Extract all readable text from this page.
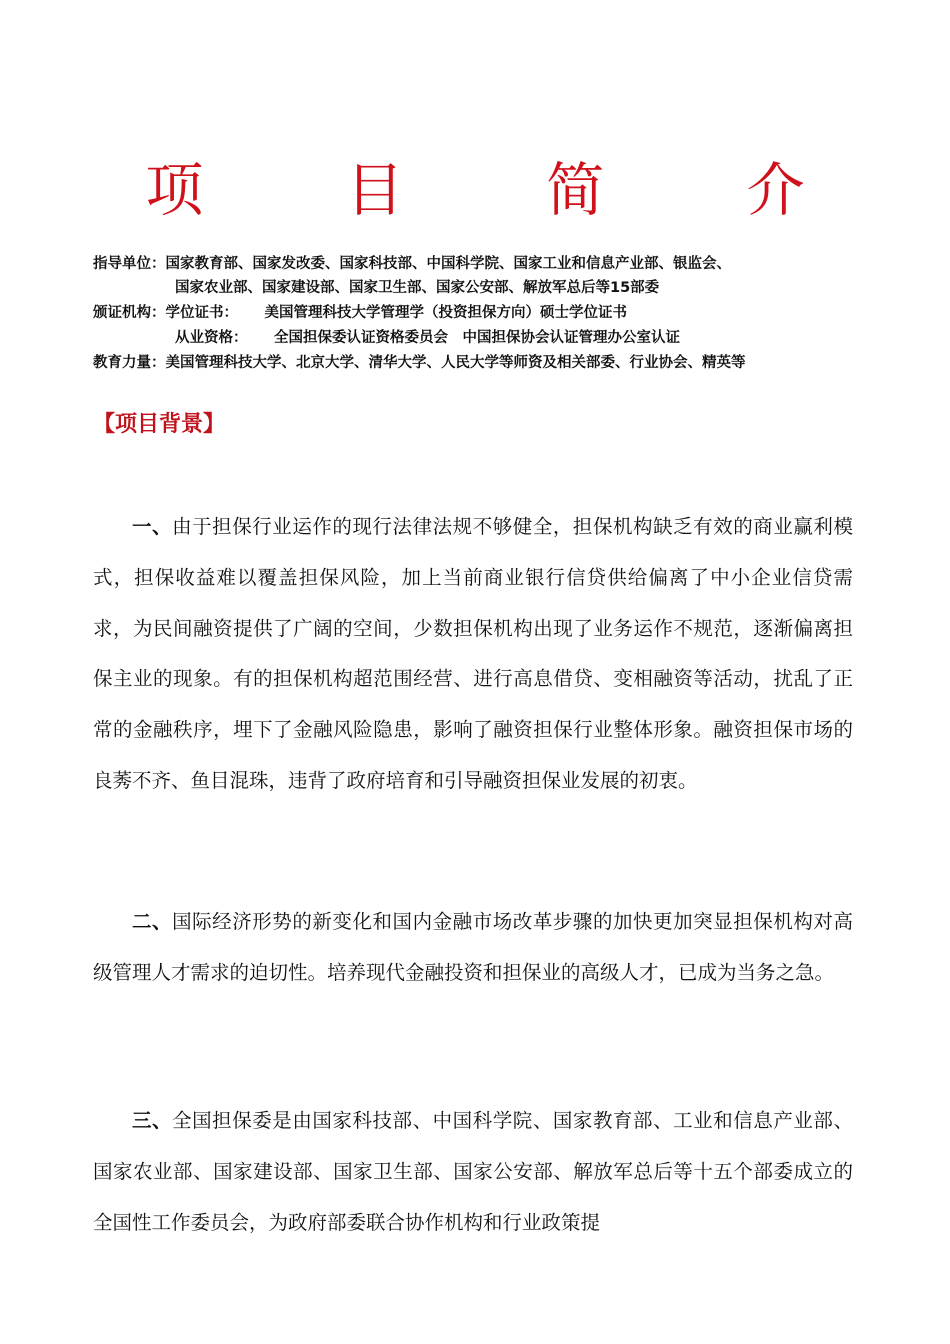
项 目 简 介
指导单位：国家教育部、国家发改委、国家科技部、中国科学院、国家工业和信息产业部、银监会、
国家农业部、国家建设部、国家卫生部、国家公安部、解放军总后等15部委
颁证机构：学位证书： 美国管理科技大学管理学（投资担保方向）硕士学位证书
从业资格： 全国担保委认证资格委员会　中国担保协会认证管理办公室认证
教育力量：美国管理科技大学、北京大学、清华大学、人民大学等师资及相关部委、行业协会、精英等
【项目背景】

一、由于担保行业运作的现行法律法规不够健全，担保机构缺乏有效的商业赢利模式，担保收益难以覆盖担保风险，加上当前商业银行信贷供给偏离了中小企业信贷需求，为民间融资提供了广阔的空间，少数担保机构出现了业务运作不规范，逐渐偏离担保主业的现象。有的担保机构超范围经营、进行高息借贷、变相融资等活动，扰乱了正常的金融秩序，埋下了金融风险隐患，影响了融资担保行业整体形象。融资担保市场的良莠不齐、鱼目混珠，违背了政府培育和引导融资担保业发展的初衷。

二、国际经济形势的新变化和国内金融市场改革步骤的加快更加突显担保机构对高级管理人才需求的迫切性。培养现代金融投资和担保业的高级人才，已成为当务之急。

三、全国担保委是由国家科技部、中国科学院、国家教育部、工业和信息产业部、国家农业部、国家建设部、国家卫生部、国家公安部、解放军总后等十五个部委成立的全国性工作委员会，为政府部委联合协作机构和行业政策提
